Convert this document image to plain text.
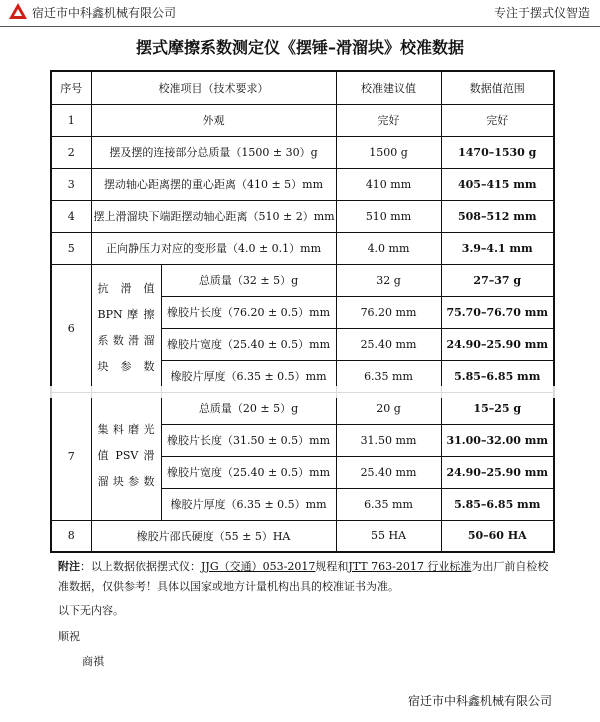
宿迁市中科鑫机械有限公司	专注于摆式仪智造
摆式摩擦系数测定仪《摆锤–滑溜块》校准数据
序号	校准项目（技术要求）		校准建议值	数据值范围
1	外观		完好	完好
2	摆及摆的连接部分总质量（1500 ± 30）g		1500 g	1470–1530 g
3	摆动轴心距离摆的重心距离（410 ± 5）mm		410 mm	405–415 mm
4	摆上滑溜块下端距摆动轴心距离（510 ± 2）mm		510 mm	508–512 mm
5	正向静压力对应的变形量（4.0 ± 0.1）mm		4.0 mm	3.9–4.1 mm
6	抗 滑 值 BPN 摩 擦 系 数 滑 溜 块参数	总质量（32 ± 5）g	32 g	27–37 g
		橡胶片长度（76.20 ± 0.5）mm	76.20 mm	75.70–76.70 mm
		橡胶片宽度（25.40 ± 0.5）mm	25.40 mm	24.90–25.90 mm
		橡胶片厚度（6.35 ± 0.5）mm	6.35 mm	5.85–6.85 mm
7	集 料 磨 光 值 PSV 滑 溜 块 参 数	总质量（20 ± 5）g	20 g	15–25 g
		橡胶片长度（31.50 ± 0.5）mm	31.50 mm	31.00–32.00 mm
		橡胶片宽度（25.40 ± 0.5）mm	25.40 mm	24.90–25.90 mm
		橡胶片厚度（6.35 ± 0.5）mm	6.35 mm	5.85–6.85 mm
8	橡胶片邵氏硬度（55 ± 5）HA		55 HA	50–60 HA
附注：以上数据依据摆式仪：JJG（交通）053-2017规程和JTT 763-2017 行业标准为出厂前自检校准数据，仅供参考！具体以国家或地方计量机构出具的校准证书为准。
以下无内容。
顺祝
商祺
宿迁市中科鑫机械有限公司
